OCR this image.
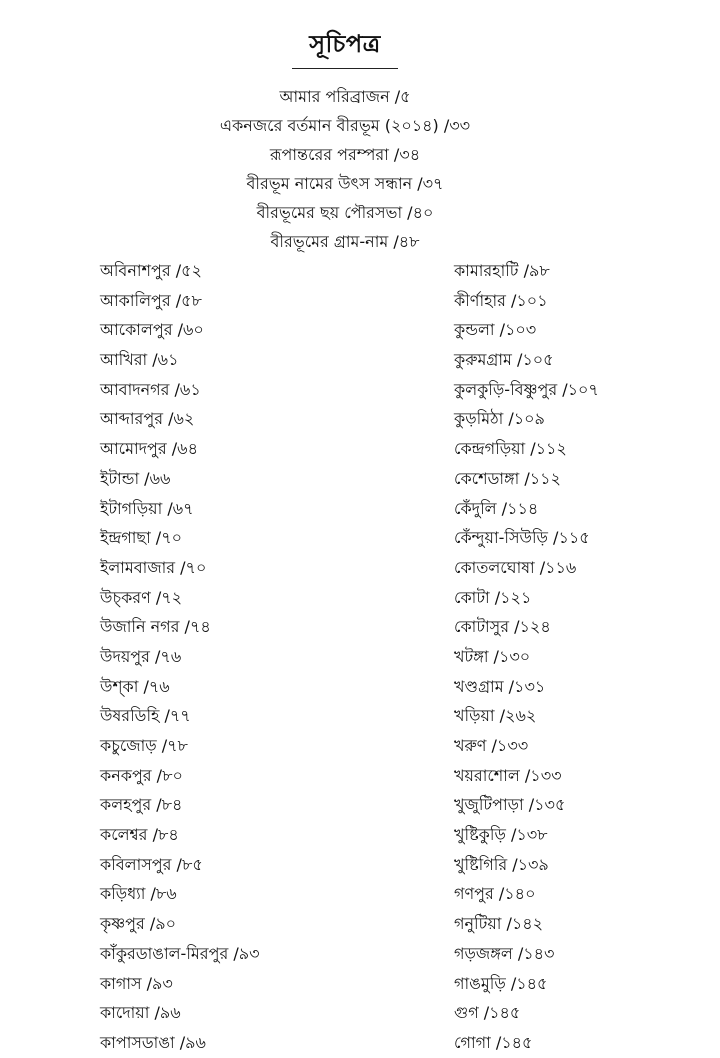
সূচিপত্র
আমার পরিব্রাজন /৫
একনজরে বর্তমান বীরভূম (২০১৪) /৩৩
রূপান্তরের পরম্পরা /৩৪
বীরভূম নামের উৎস সন্ধান /৩৭
বীরভূমের ছয় পৌরসভা /৪০
বীরভূমের গ্রাম-নাম /৪৮
অবিনাশপুর /৫২
আকালিপুর /৫৮
আকোলপুর /৬০
আখিরা /৬১
আবাদনগর /৬১
আব্দারপুর /৬২
আমোদপুর /৬৪
ইটান্ডা /৬৬
ইটাগড়িয়া /৬৭
ইন্দ্রগাছা /৭০
ইলামবাজার /৭০
উচ্‌করণ /৭২
উজানি নগর /৭৪
উদয়পুর /৭৬
উশ্‌কা /৭৬
উষরডিহি /৭৭
কচুজোড় /৭৮
কনকপুর /৮০
কলহপুর /৮৪
কলেশ্বর /৮৪
কবিলাসপুর /৮৫
কড়িধ্যা /৮৬
কৃষ্ণপুর /৯০
কাঁকুরডাঙাল-মিরপুর /৯৩
কাগাস /৯৩
কাদোয়া /৯৬
কাপাসডাঙা /৯৬
কামারহাটি /৯৮
কীর্ণাহার /১০১
কুন্ডলা /১০৩
কুরুমগ্রাম /১০৫
কুলকুড়ি-বিষ্ণুপুর /১০৭
কুড়মিঠা /১০৯
কেন্দ্রগড়িয়া /১১২
কেশেডাঙ্গা /১১২
কেঁদুলি /১১৪
কেঁন্দুয়া-সিউড়ি /১১৫
কোতলঘোষা /১১৬
কোটা /১২১
কোটাসুর /১২৪
খটঙ্গা /১৩০
খণ্ডগ্রাম /১৩১
খড়িয়া /২৬২
খরুণ /১৩৩
খয়রাশোল /১৩৩
খুজুটিপাড়া /১৩৫
খুষ্টিকুড়ি /১৩৮
খুষ্টিগিরি /১৩৯
গণপুর /১৪০
গনুটিয়া /১৪২
গড়জঙ্গল /১৪৩
গাঙমুড়ি /১৪৫
গুগ /১৪৫
গোগা /১৪৫
